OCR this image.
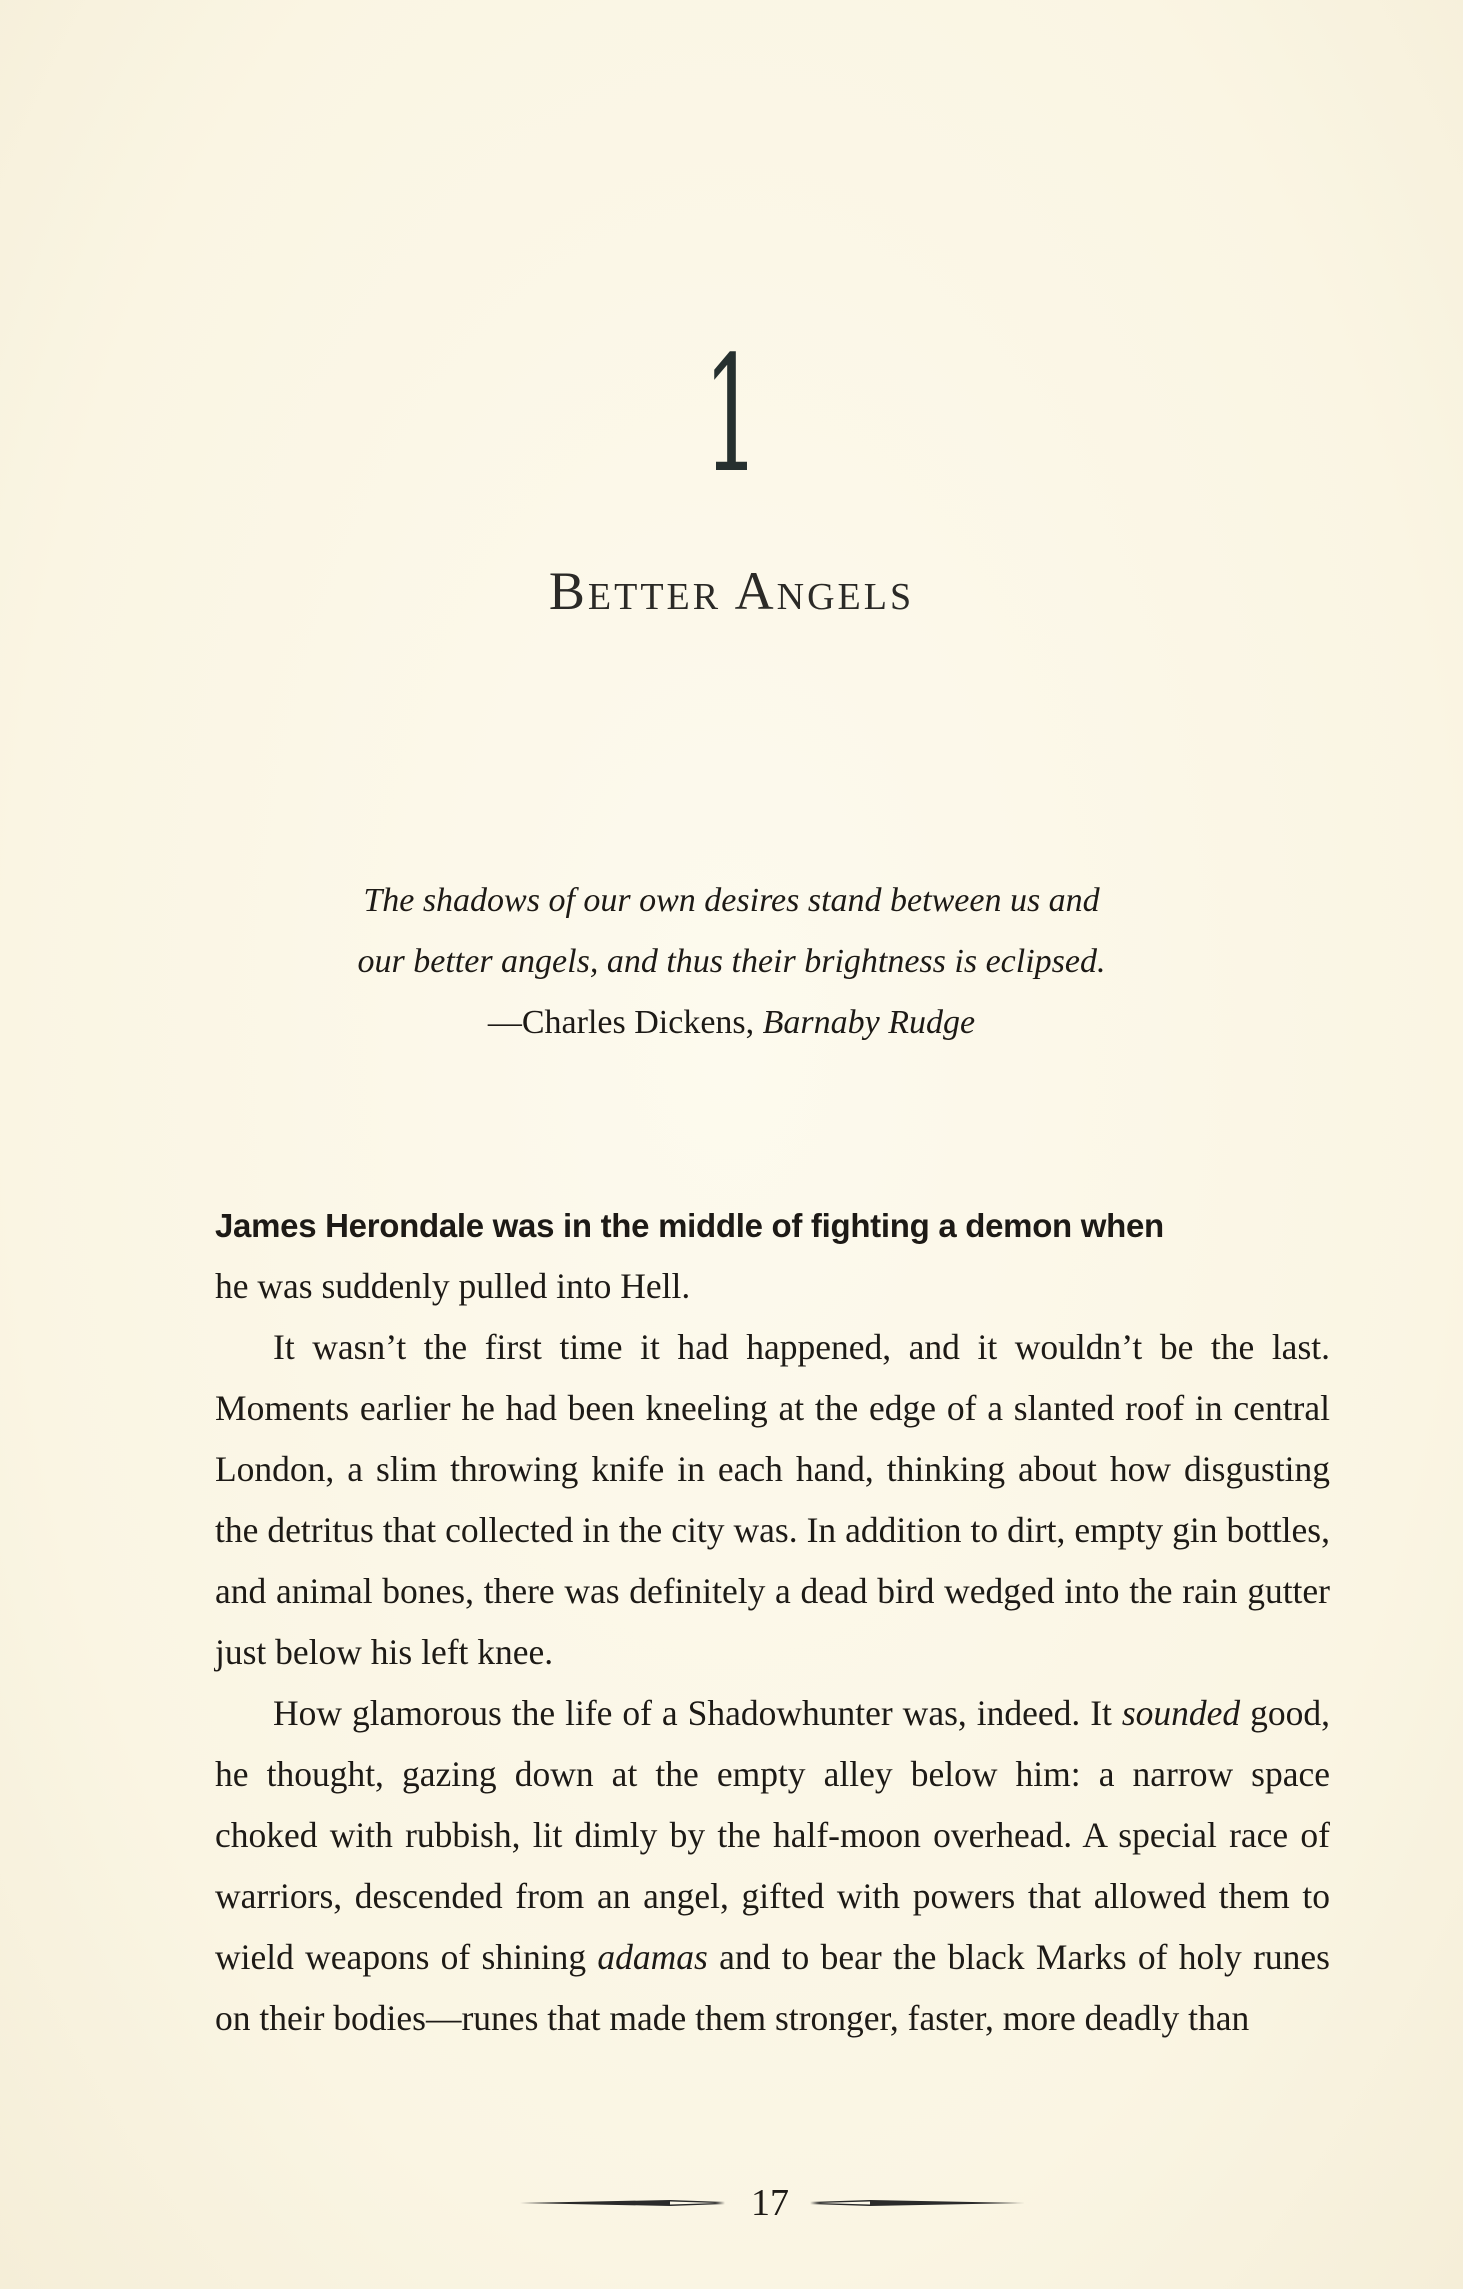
1
Better Angels
The shadows of our own desires stand between us and
our better angels, and thus their brightness is eclipsed.
—Charles Dickens, Barnaby Rudge

James Herondale was in the middle of fighting a demon when
he was suddenly pulled into Hell.

It wasn’t the first time it had happened, and it wouldn’t be the last. Moments earlier he had been kneeling at the edge of a slanted roof in central London, a slim throwing knife in each hand, thinking about how disgusting the detritus that collected in the city was. In addition to dirt, empty gin bottles, and animal bones, there was definitely a dead bird wedged into the rain gutter just below his left knee.

How glamorous the life of a Shadowhunter was, indeed. It sounded good, he thought, gazing down at the empty alley below him: a narrow space choked with rubbish, lit dimly by the half-moon overhead. A special race of warriors, descended from an angel, gifted with powers that allowed them to wield weapons of shining adamas and to bear the black Marks of holy runes on their bodies—runes that made them stronger, faster, more deadly than

17
